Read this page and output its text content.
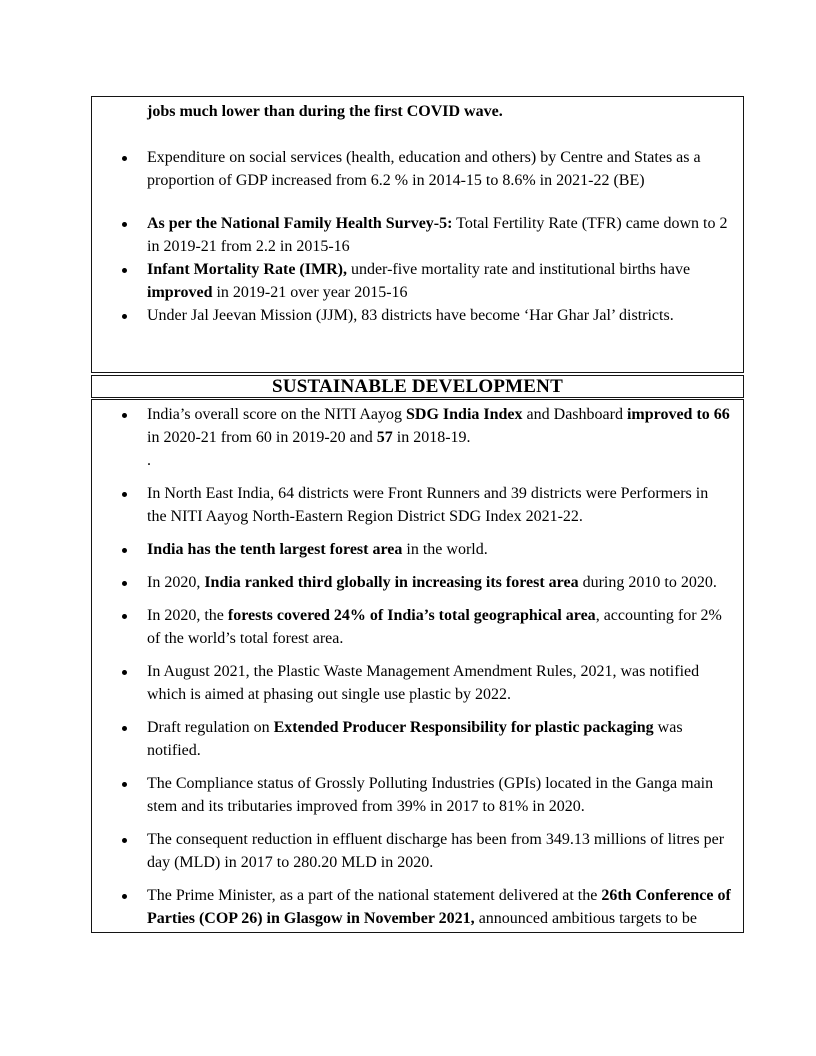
jobs much lower than during the first COVID wave.

Expenditure on social services (health, education and others) by Centre and States as a proportion of GDP increased from 6.2 % in 2014-15 to 8.6% in 2021-22 (BE)
As per the National Family Health Survey-5: Total Fertility Rate (TFR) came down to 2 in 2019-21 from 2.2 in 2015-16
Infant Mortality Rate (IMR), under-five mortality rate and institutional births have improved in 2019-21 over year 2015-16
Under Jal Jeevan Mission (JJM), 83 districts have become ‘Har Ghar Jal’ districts.
SUSTAINABLE DEVELOPMENT
India’s overall score on the NITI Aayog SDG India Index and Dashboard improved to 66 in 2020-21 from 60 in 2019-20 and 57 in 2018-19.
.
In North East India, 64 districts were Front Runners and 39 districts were Performers in the NITI Aayog North-Eastern Region District SDG Index 2021-22.
India has the tenth largest forest area in the world.
In 2020, India ranked third globally in increasing its forest area during 2010 to 2020.
In 2020, the forests covered 24% of India’s total geographical area, accounting for 2% of the world’s total forest area.
In August 2021, the Plastic Waste Management Amendment Rules, 2021, was notified which is aimed at phasing out single use plastic by 2022.
Draft regulation on Extended Producer Responsibility for plastic packaging was notified.
The Compliance status of Grossly Polluting Industries (GPIs) located in the Ganga main stem and its tributaries improved from 39% in 2017 to 81% in 2020.
The consequent reduction in effluent discharge has been from 349.13 millions of litres per day (MLD) in 2017 to 280.20 MLD in 2020.
The Prime Minister, as a part of the national statement delivered at the 26th Conference of Parties (COP 26) in Glasgow in November 2021, announced ambitious targets to be
